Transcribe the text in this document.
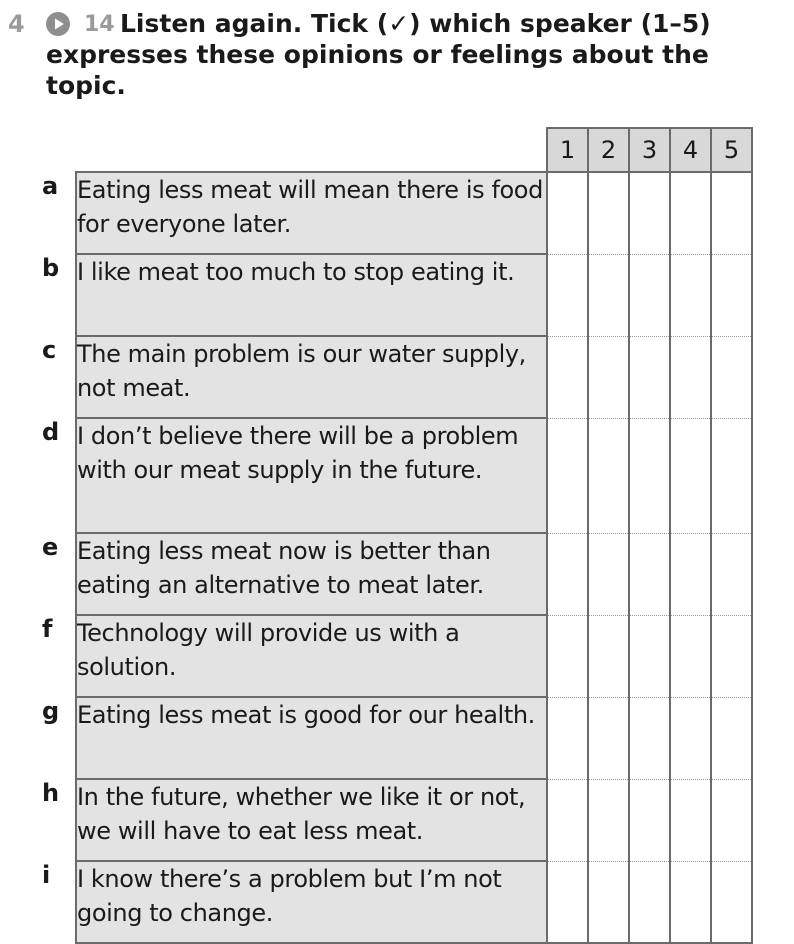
4	14 Listen again. Tick (✓) which speaker (1–5) expresses these opinions or feelings about the topic.

		1	2	3	4	5
a	Eating less meat will mean there is food for everyone later.					
b	I like meat too much to stop eating it.					
c	The main problem is our water supply, not meat.					
d	I don’t believe there will be a problem with our meat supply in the future.					
e	Eating less meat now is better than eating an alternative to meat later.					
f	Technology will provide us with a solution.					
g	Eating less meat is good for our health.					
h	In the future, whether we like it or not, we will have to eat less meat.					
i	I know there’s a problem but I’m not going to change.					
